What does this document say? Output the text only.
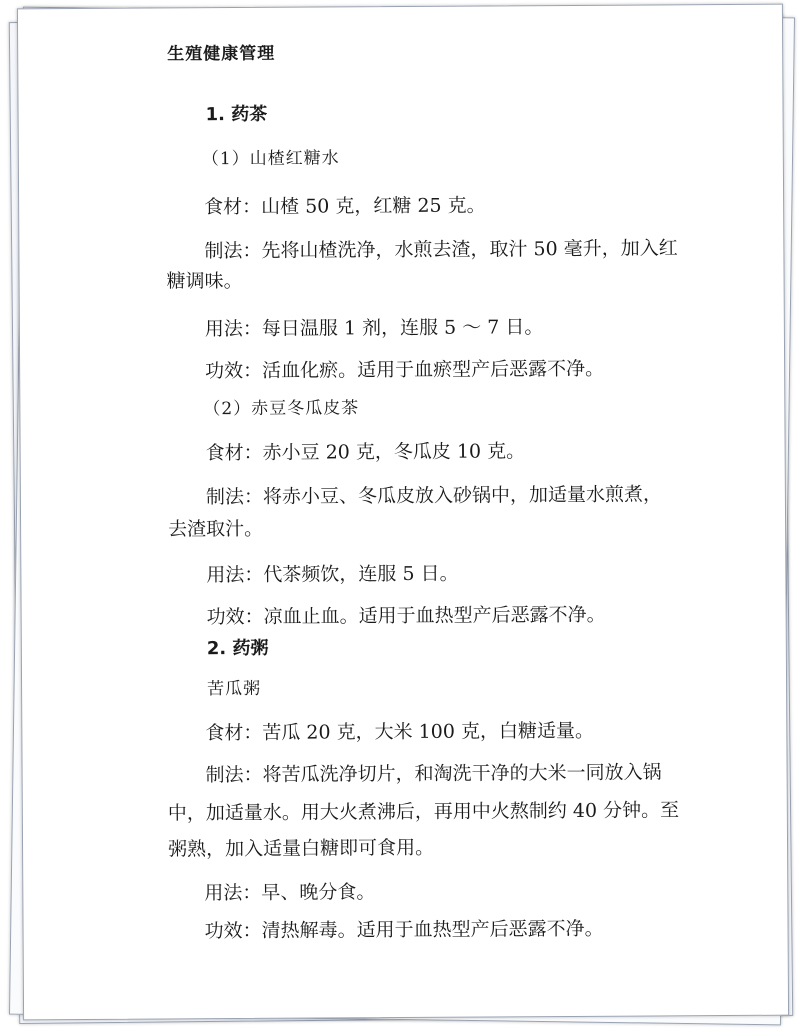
生殖健康管理
1. 药茶
（1）山楂红糖水
食材：山楂 50 克，红糖 25 克。
制法：先将山楂洗净，水煎去渣，取汁 50 毫升，加入红
糖调味。
用法：每日温服 1 剂，连服 5 ～ 7 日。
功效：活血化瘀。适用于血瘀型产后恶露不净。
（2）赤豆冬瓜皮茶
食材：赤小豆 20 克，冬瓜皮 10 克。
制法：将赤小豆、冬瓜皮放入砂锅中，加适量水煎煮，
去渣取汁。
用法：代茶频饮，连服 5 日。
功效：凉血止血。适用于血热型产后恶露不净。
2. 药粥
苦瓜粥
食材：苦瓜 20 克，大米 100 克，白糖适量。
制法：将苦瓜洗净切片，和淘洗干净的大米一同放入锅
中，加适量水。用大火煮沸后，再用中火熬制约 40 分钟。至
粥熟，加入适量白糖即可食用。
用法：早、晚分食。
功效：清热解毒。适用于血热型产后恶露不净。
